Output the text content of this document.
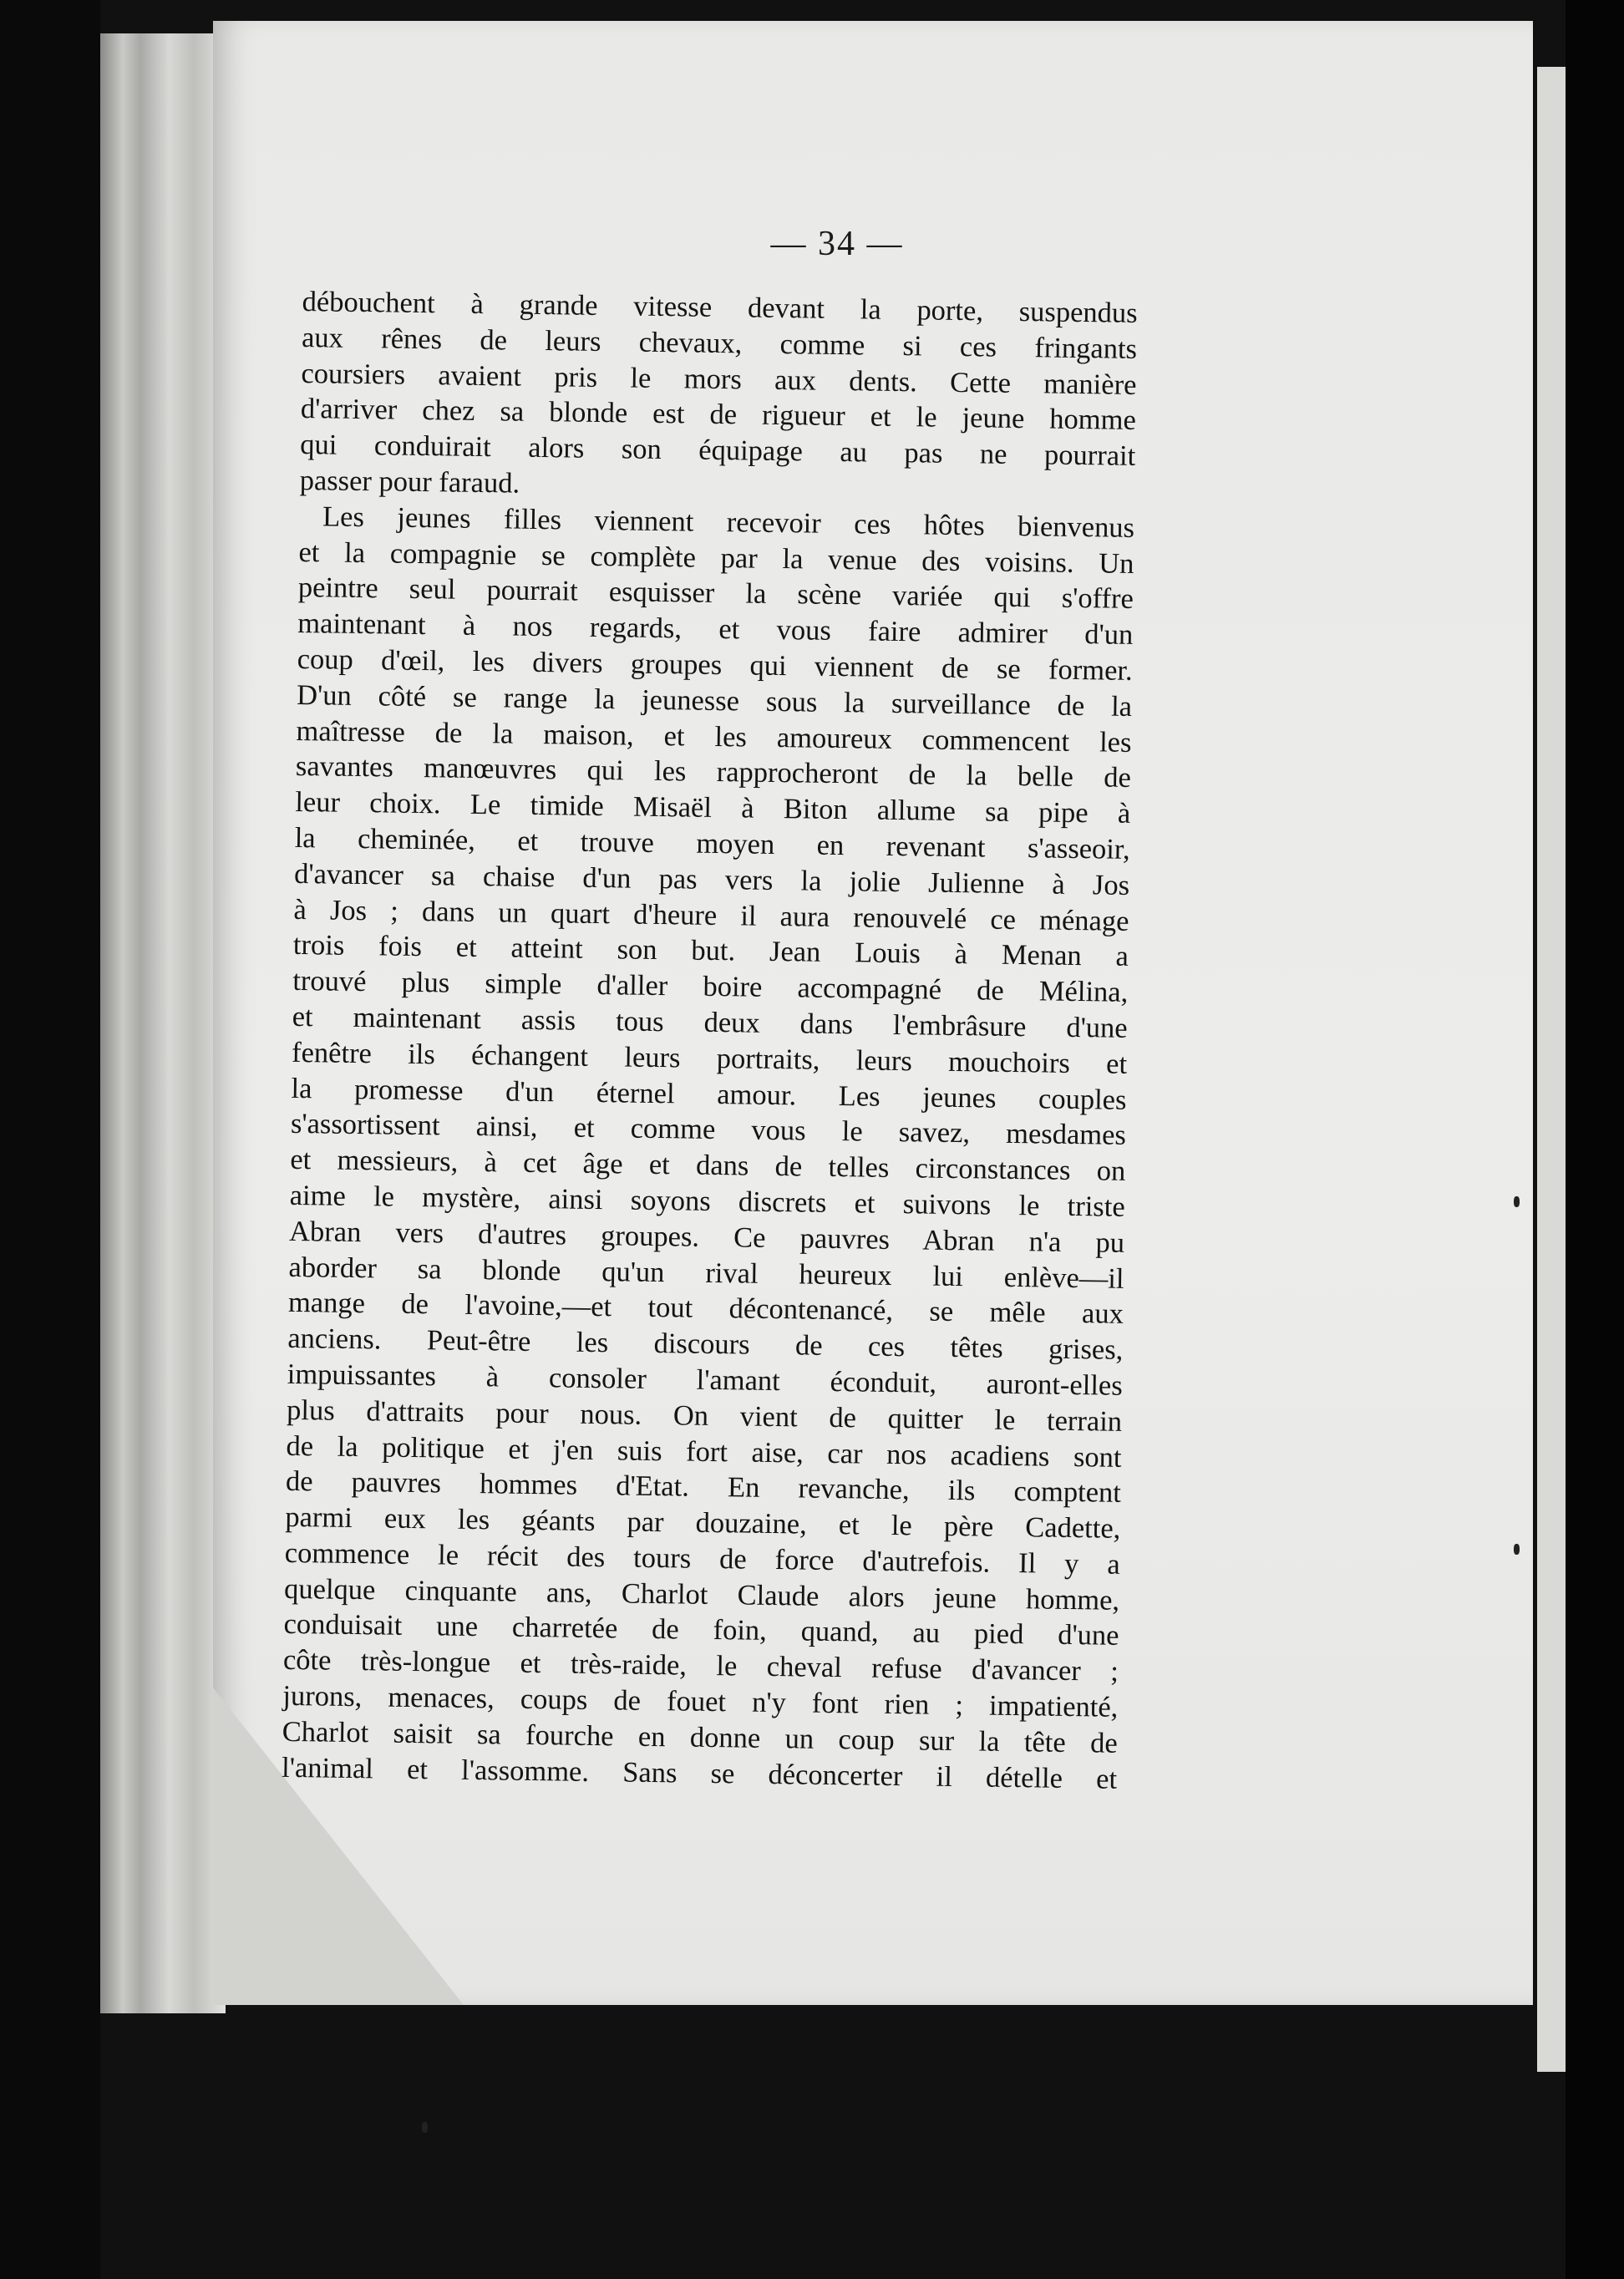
— 34 —
débouchent à grande vitesse devant la porte, suspendus
aux rênes de leurs chevaux, comme si ces fringants
coursiers avaient pris le mors aux dents. Cette manière
d'arriver chez sa blonde est de rigueur et le jeune homme
qui conduirait alors son équipage au pas ne pourrait
passer pour faraud.
Les jeunes filles viennent recevoir ces hôtes bienvenus
et la compagnie se complète par la venue des voisins. Un
peintre seul pourrait esquisser la scène variée qui s'offre
maintenant à nos regards, et vous faire admirer d'un
coup d'œil, les divers groupes qui viennent de se former.
D'un côté se range la jeunesse sous la surveillance de la
maîtresse de la maison, et les amoureux commencent les
savantes manœuvres qui les rapprocheront de la belle de
leur choix. Le timide Misaël à Biton allume sa pipe à
la cheminée, et trouve moyen en revenant s'asseoir,
d'avancer sa chaise d'un pas vers la jolie Julienne à Jos
à Jos ; dans un quart d'heure il aura renouvelé ce ménage
trois fois et atteint son but. Jean Louis à Menan a
trouvé plus simple d'aller boire accompagné de Mélina,
et maintenant assis tous deux dans l'embrâsure d'une
fenêtre ils échangent leurs portraits, leurs mouchoirs et
la promesse d'un éternel amour. Les jeunes couples
s'assortissent ainsi, et comme vous le savez, mesdames
et messieurs, à cet âge et dans de telles circonstances on
aime le mystère, ainsi soyons discrets et suivons le triste
Abran vers d'autres groupes. Ce pauvres Abran n'a pu
aborder sa blonde qu'un rival heureux lui enlève—il
mange de l'avoine,—et tout décontenancé, se mêle aux
anciens. Peut-être les discours de ces têtes grises,
impuissantes à consoler l'amant éconduit, auront-elles
plus d'attraits pour nous. On vient de quitter le terrain
de la politique et j'en suis fort aise, car nos acadiens sont
de pauvres hommes d'Etat. En revanche, ils comptent
parmi eux les géants par douzaine, et le père Cadette,
commence le récit des tours de force d'autrefois. Il y a
quelque cinquante ans, Charlot Claude alors jeune homme,
conduisait une charretée de foin, quand, au pied d'une
côte très-longue et très-raide, le cheval refuse d'avancer ;
jurons, menaces, coups de fouet n'y font rien ; impatienté,
Charlot saisit sa fourche en donne un coup sur la tête de
l'animal et l'assomme. Sans se déconcerter il dételle et
